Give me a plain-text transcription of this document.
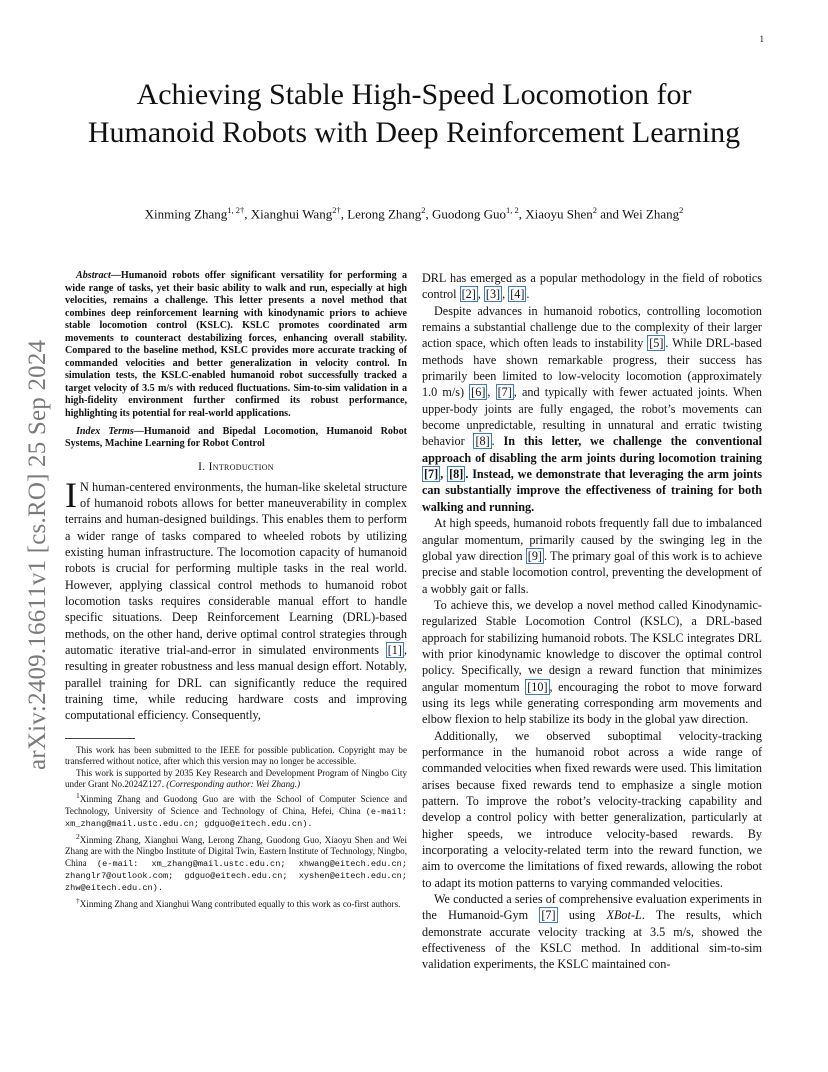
1
arXiv:2409.16611v1 [cs.RO] 25 Sep 2024
Achieving Stable High-Speed Locomotion for Humanoid Robots with Deep Reinforcement Learning
Xinming Zhang$^{1, 2\dagger}$, Xianghui Wang$^{2\dagger}$, Lerong Zhang$^2$, Guodong Guo$^{1, 2}$, Xiaoyu Shen$^2$ and Wei Zhang$^2$

Abstract—Humanoid robots offer significant versatility for performing a wide range of tasks, yet their basic ability to walk and run, especially at high velocities, remains a challenge. This letter presents a novel method that combines deep reinforcement learning with kinodynamic priors to achieve stable locomotion control (KSLC). KSLC promotes coordinated arm movements to counteract destabilizing forces, enhancing overall stability. Compared to the baseline method, KSLC provides more accurate tracking of commanded velocities and better generalization in velocity control. In simulation tests, the KSLC-enabled humanoid robot successfully tracked a target velocity of 3.5 m/s with reduced fluctuations. Sim-to-sim validation in a high-fidelity environment further confirmed its robust performance, highlighting its potential for real-world applications.

Index Terms—Humanoid and Bipedal Locomotion, Humanoid Robot Systems, Machine Learning for Robot Control

I. Introduction

I N human-centered environments, the human-like skeletal structure of humanoid robots allows for better maneuverability in complex terrains and human-designed buildings. This enables them to perform a wider range of tasks compared to wheeled robots by utilizing existing human infrastructure. The locomotion capacity of humanoid robots is crucial for performing multiple tasks in the real world. However, applying classical control methods to humanoid robot locomotion tasks requires considerable manual effort to handle specific situations. Deep Reinforcement Learning (DRL)-based methods, on the other hand, derive optimal control strategies through automatic iterative trial-and-error in simulated environments [1] , resulting in greater robustness and less manual design effort. Notably, parallel training for DRL can significantly reduce the required training time, while reducing hardware costs and improving computational efficiency. Consequently,

This work has been submitted to the IEEE for possible publication. Copyright may be transferred without notice, after which this version may no longer be accessible.

This work is supported by 2035 Key Research and Development Program of Ningbo City under Grant No.2024Z127. (Corresponding author: Wei Zhang.)

$^1$Xinming Zhang and Guodong Guo are with the School of Computer Science and Technology, University of Science and Technology of China, Hefei, China (e-mail: xm_zhang@mail.ustc.edu.cn; gdguo@eitech.edu.cn).

$^2$Xinming Zhang, Xianghui Wang, Lerong Zhang, Guodong Guo, Xiaoyu Shen and Wei Zhang are with the Ningbo Institute of Digital Twin, Eastern Institute of Technology, Ningbo, China (e-mail: xm_zhang@mail.ustc.edu.cn; xhwang@eitech.edu.cn; zhanglr7@outlook.com; gdguo@eitech.edu.cn; xyshen@eitech.edu.cn; zhw@eitech.edu.cn).

†Xinming Zhang and Xianghui Wang contributed equally to this work as co-first authors.

DRL has emerged as a popular methodology in the field of robotics control [2] , [3] , [4] .

Despite advances in humanoid robotics, controlling locomotion remains a substantial challenge due to the complexity of their larger action space, which often leads to instability [5] . While DRL-based methods have shown remarkable progress, their success has primarily been limited to low-velocity locomotion (approximately 1.0 m/s) [6] , [7] , and typically with fewer actuated joints. When upper-body joints are fully engaged, the robot’s movements can become unpredictable, resulting in unnatural and erratic twisting behavior [8] . In this letter, we challenge the conventional approach of disabling the arm joints during locomotion training [7] , [8] . Instead, we demonstrate that leveraging the arm joints can substantially improve the effectiveness of training for both walking and running.

At high speeds, humanoid robots frequently fall due to imbalanced angular momentum, primarily caused by the swinging leg in the global yaw direction [9] . The primary goal of this work is to achieve precise and stable locomotion control, preventing the development of a wobbly gait or falls.

To achieve this, we develop a novel method called Kinodynamic-regularized Stable Locomotion Control (KSLC), a DRL-based approach for stabilizing humanoid robots. The KSLC integrates DRL with prior kinodynamic knowledge to discover the optimal control policy. Specifically, we design a reward function that minimizes angular momentum [10] , encouraging the robot to move forward using its legs while generating corresponding arm movements and elbow flexion to help stabilize its body in the global yaw direction.

Additionally, we observed suboptimal velocity-tracking performance in the humanoid robot across a wide range of commanded velocities when fixed rewards were used. This limitation arises because fixed rewards tend to emphasize a single motion pattern. To improve the robot’s velocity-tracking capability and develop a control policy with better generalization, particularly at higher speeds, we introduce velocity-based rewards. By incorporating a velocity-related term into the reward function, we aim to overcome the limitations of fixed rewards, allowing the robot to adapt its motion patterns to varying commanded velocities.

We conducted a series of comprehensive evaluation experiments in the Humanoid-Gym [7] using XBot-L. The results, which demonstrate accurate velocity tracking at 3.5 m/s, showed the effectiveness of the KSLC method. In additional sim-to-sim validation experiments, the KSLC maintained con-
